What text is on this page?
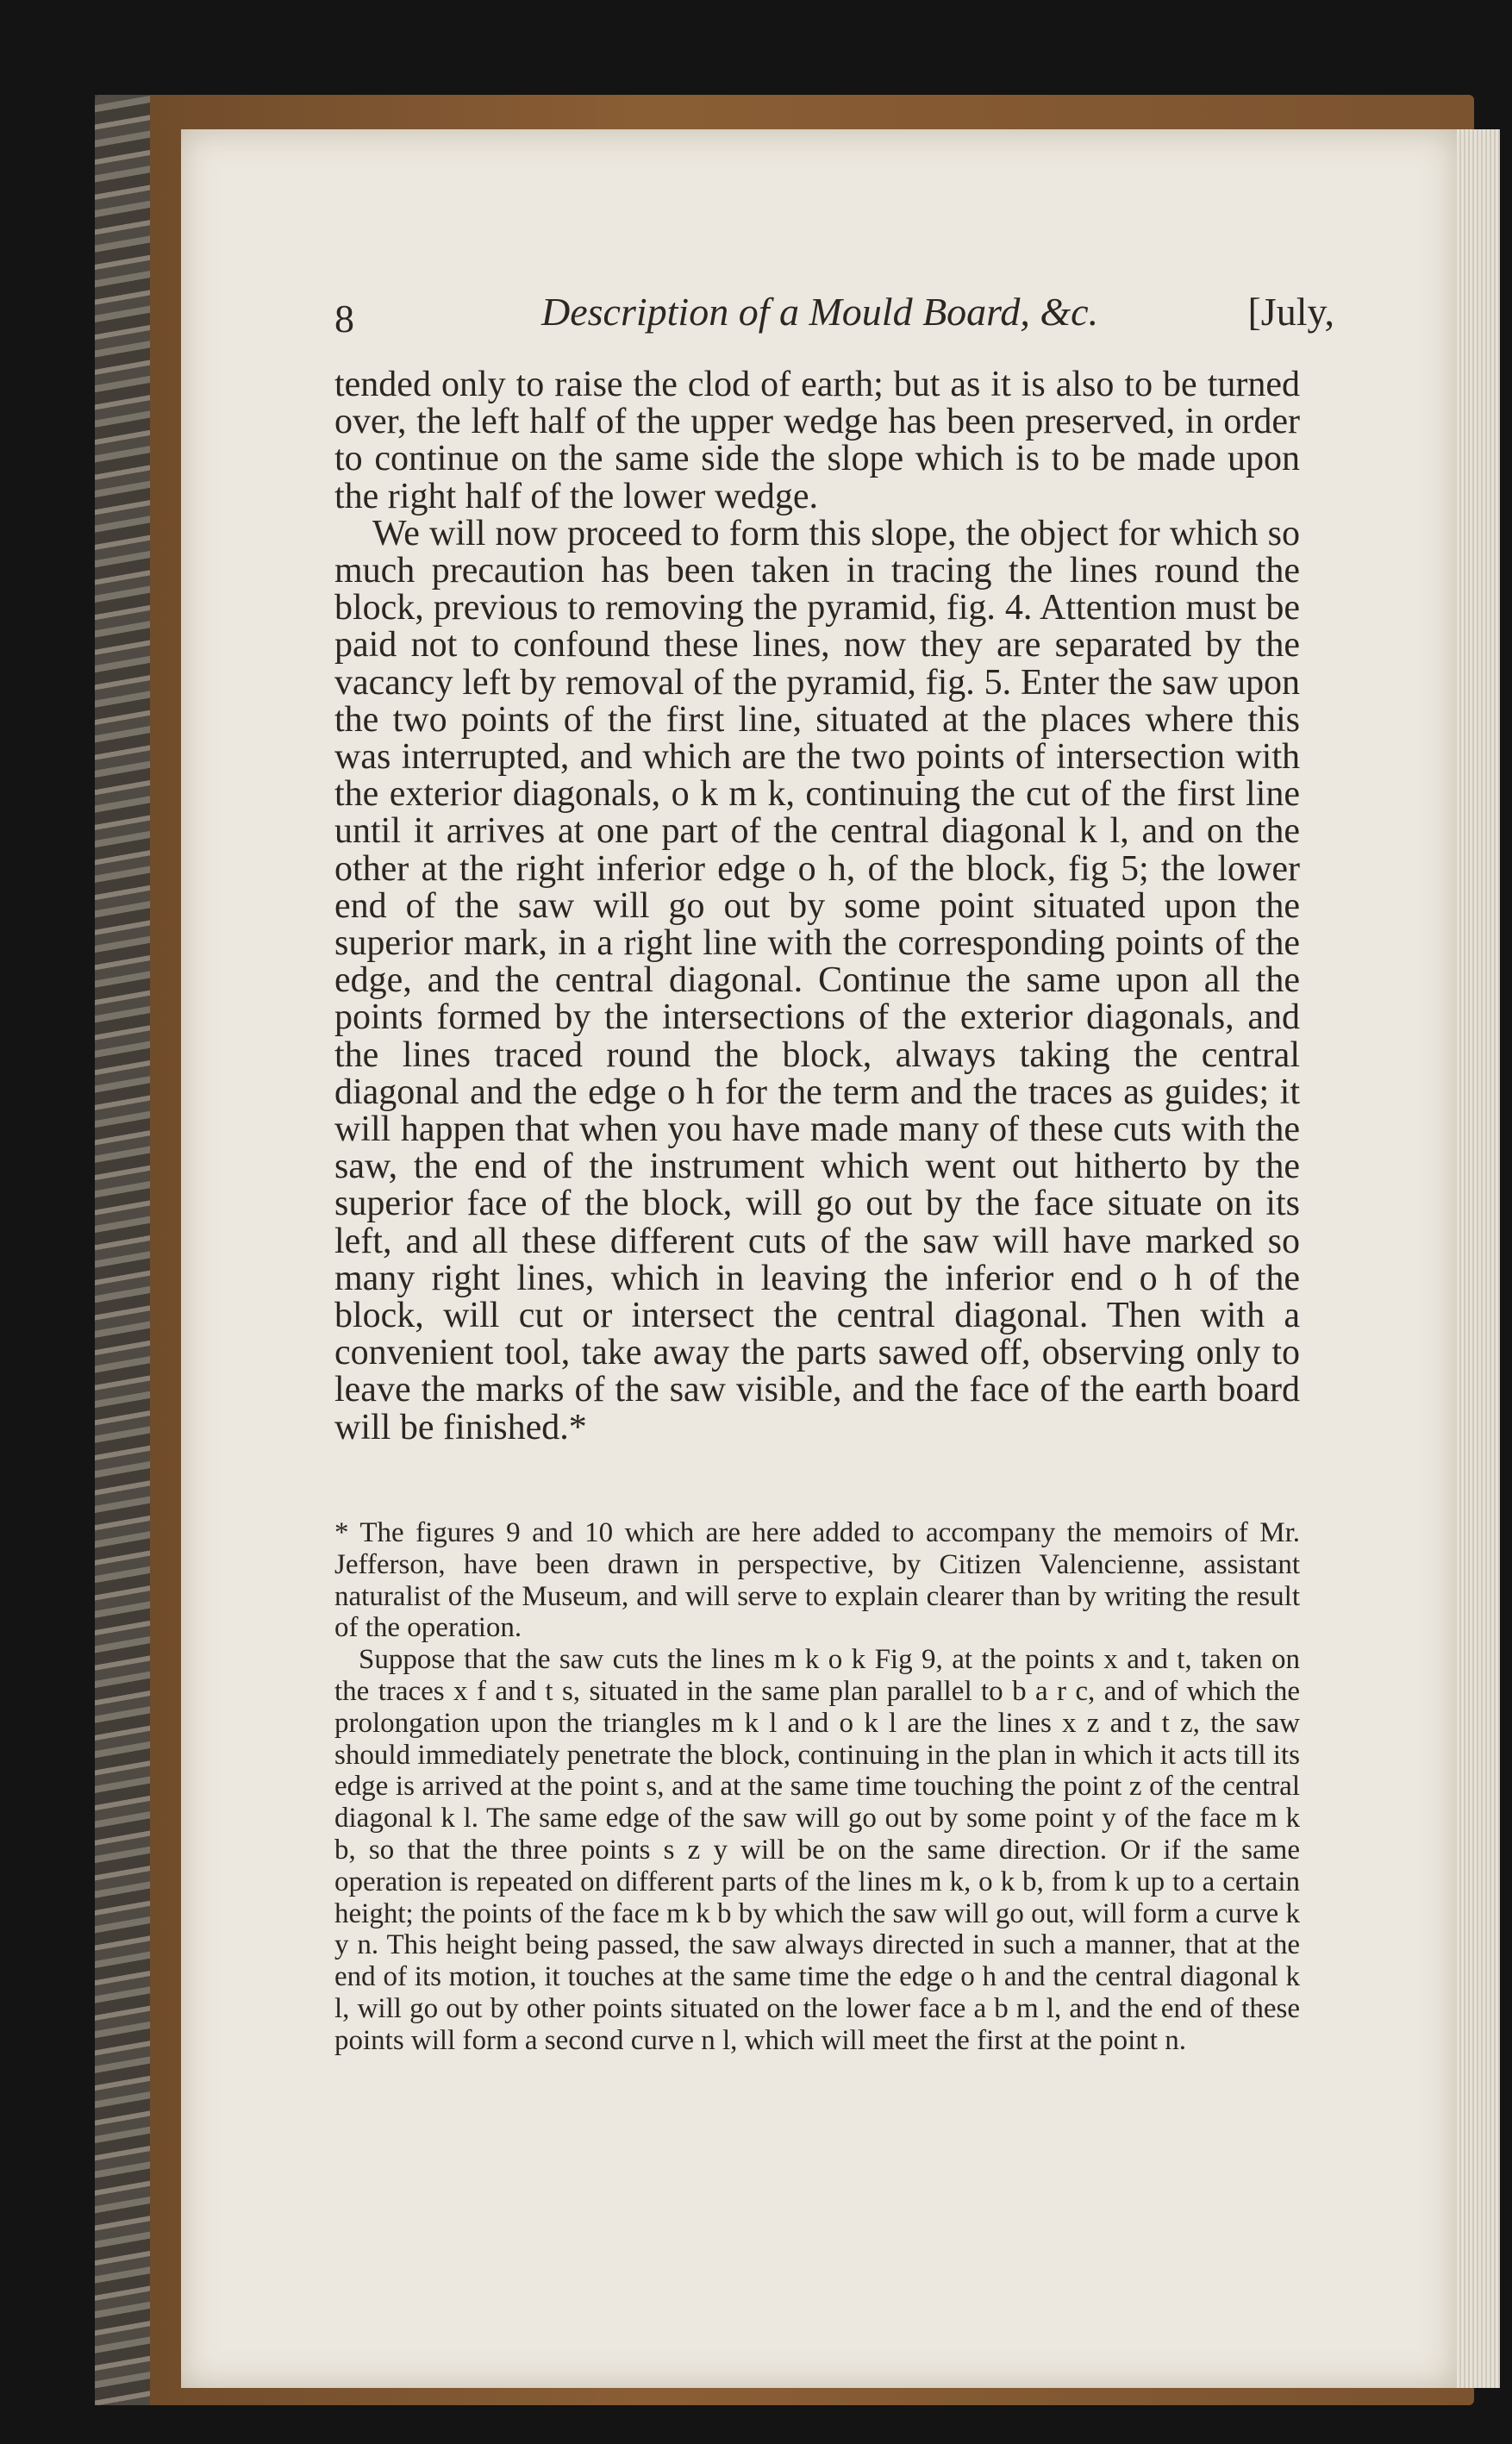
8	Description of a Mould Board, &c.	[July,

tended only to raise the clod of earth; but as it is also to be turned over, the left half of the upper wedge has been preserved, in order to continue on the same side the slope which is to be made upon the right half of the lower wedge.

We will now proceed to form this slope, the object for which so much precaution has been taken in tracing the lines round the block, previous to removing the pyramid, fig. 4. Attention must be paid not to confound these lines, now they are separated by the vacancy left by removal of the pyramid, fig. 5. Enter the saw upon the two points of the first line, situated at the places where this was interrupted, and which are the two points of intersection with the exterior diagonals, o k m k, continuing the cut of the first line until it arrives at one part of the central diagonal k l, and on the other at the right inferior edge o h, of the block, fig 5; the lower end of the saw will go out by some point situated upon the superior mark, in a right line with the corresponding points of the edge, and the central diagonal. Continue the same upon all the points formed by the intersections of the exterior diagonals, and the lines traced round the block, always taking the central diagonal and the edge o h for the term and the traces as guides; it will happen that when you have made many of these cuts with the saw, the end of the instrument which went out hitherto by the superior face of the block, will go out by the face situate on its left, and all these different cuts of the saw will have marked so many right lines, which in leaving the inferior end o h of the block, will cut or intersect the central diagonal. Then with a convenient tool, take away the parts sawed off, observing only to leave the marks of the saw visible, and the face of the earth board will be finished.*

* The figures 9 and 10 which are here added to accompany the memoirs of Mr. Jefferson, have been drawn in perspective, by Citizen Valencienne, assistant naturalist of the Museum, and will serve to explain clearer than by writing the result of the operation.

Suppose that the saw cuts the lines m k o k Fig 9, at the points x and t, taken on the traces x f and t s, situated in the same plan parallel to b a r c, and of which the prolongation upon the triangles m k l and o k l are the lines x z and t z, the saw should immediately penetrate the block, continuing in the plan in which it acts till its edge is arrived at the point s, and at the same time touching the point z of the central diagonal k l. The same edge of the saw will go out by some point y of the face m k b, so that the three points s z y will be on the same direction. Or if the same operation is repeated on different parts of the lines m k, o k b, from k up to a certain height; the points of the face m k b by which the saw will go out, will form a curve k y n. This height being passed, the saw always directed in such a manner, that at the end of its motion, it touches at the same time the edge o h and the central diagonal k l, will go out by other points situated on the lower face a b m l, and the end of these points will form a second curve n l, which will meet the first at the point n.
